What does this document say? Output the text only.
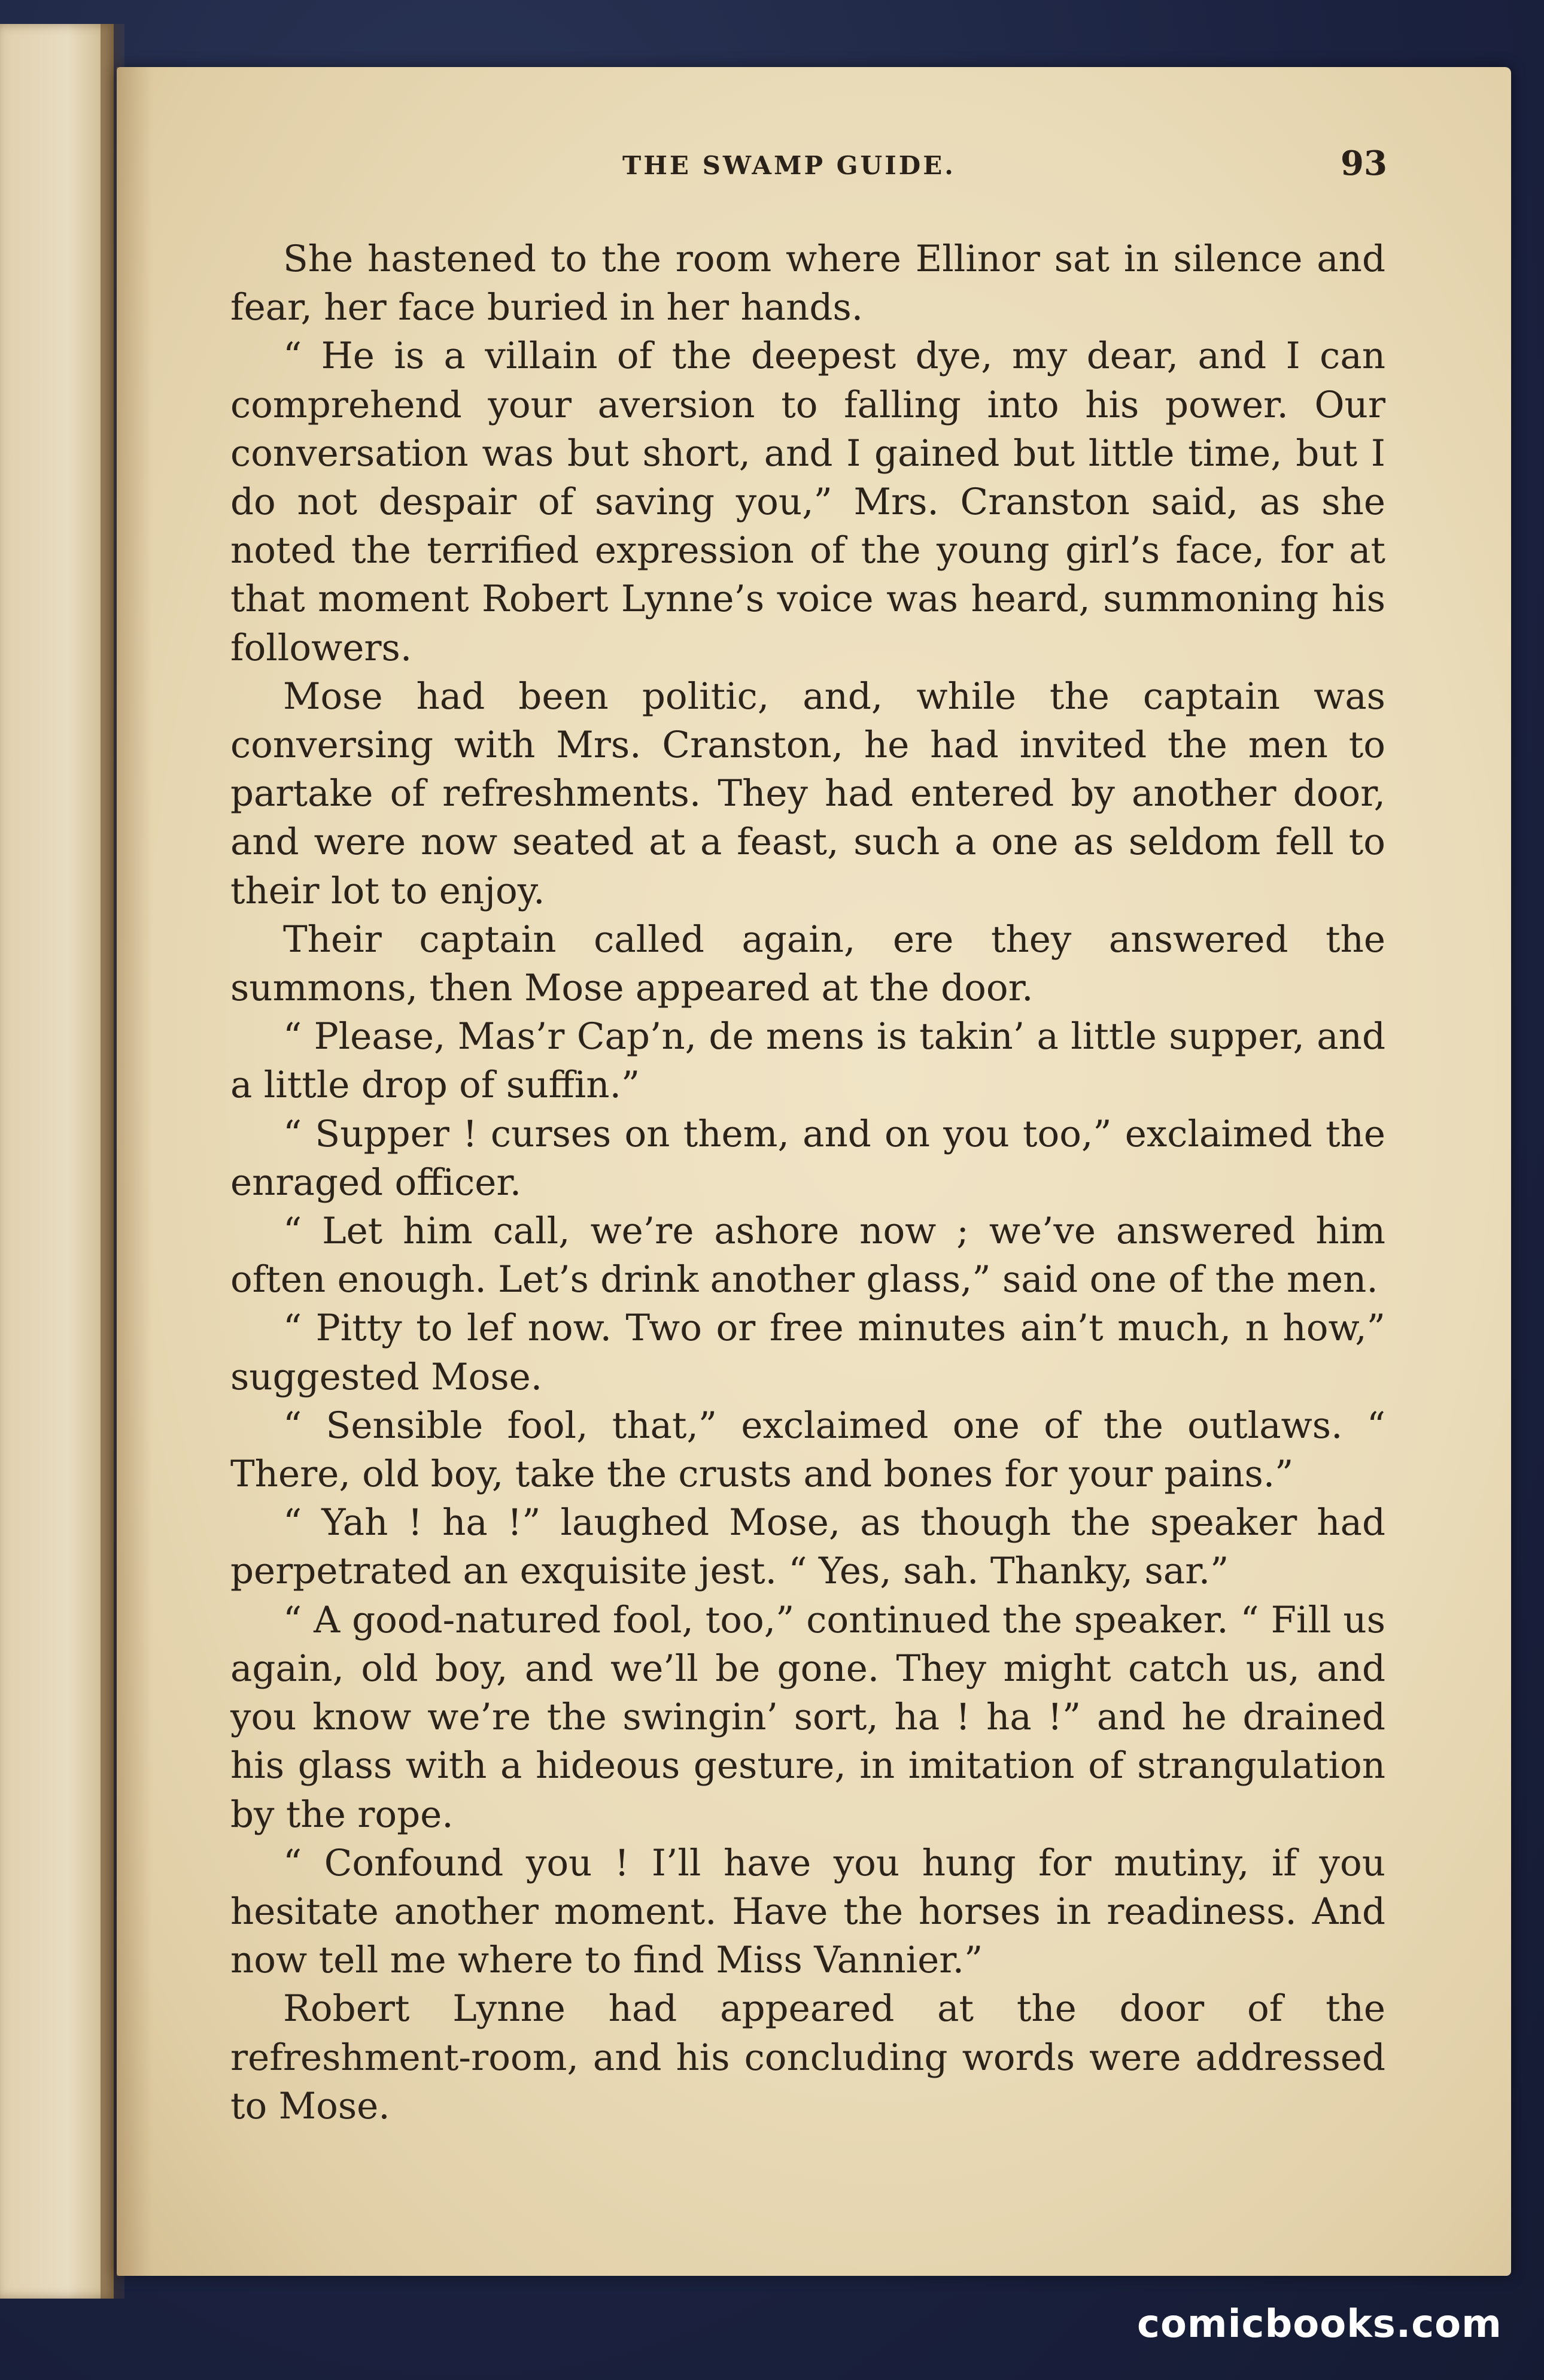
THE SWAMP GUIDE.	93

She hastened to the room where Ellinor sat in silence and fear, her face buried in her hands.

“ He is a villain of the deepest dye, my dear, and I can comprehend your aversion to falling into his power. Our conversation was but short, and I gained but little time, but I do not despair of saving you,” Mrs. Cranston said, as she noted the terrified expression of the young girl’s face, for at that moment Robert Lynne’s voice was heard, summoning his followers.

Mose had been politic, and, while the captain was conversing with Mrs. Cranston, he had invited the men to partake of refreshments. They had entered by another door, and were now seated at a feast, such a one as seldom fell to their lot to enjoy.

Their captain called again, ere they answered the summons, then Mose appeared at the door.

“ Please, Mas’r Cap’n, de mens is takin’ a little supper, and a little drop of suffin.”

“ Supper ! curses on them, and on you too,” exclaimed the enraged officer.

“ Let him call, we’re ashore now ; we’ve answered him often enough. Let’s drink another glass,” said one of the men.

“ Pitty to lef now. Two or free minutes ain’t much, n how,” suggested Mose.

“ Sensible fool, that,” exclaimed one of the outlaws. “ There, old boy, take the crusts and bones for your pains.”

“ Yah ! ha !” laughed Mose, as though the speaker had perpetrated an exquisite jest. “ Yes, sah. Thanky, sar.”

“ A good-natured fool, too,” continued the speaker. “ Fill us again, old boy, and we’ll be gone. They might catch us, and you know we’re the swingin’ sort, ha ! ha !” and he drained his glass with a hideous gesture, in imitation of strangulation by the rope.

“ Confound you ! I’ll have you hung for mutiny, if you hesitate another moment. Have the horses in readiness. And now tell me where to find Miss Vannier.”

Robert Lynne had appeared at the door of the refreshment-room, and his concluding words were addressed to Mose.

comicbooks.com
